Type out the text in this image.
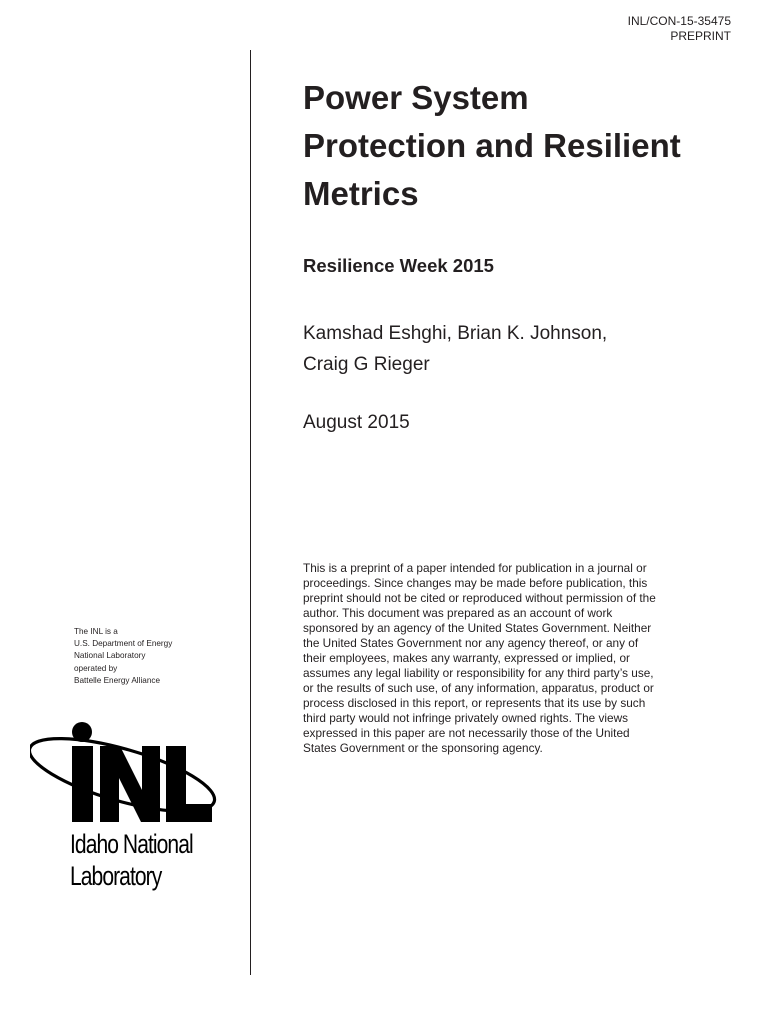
INL/CON-15-35475
PREPRINT
Power System
Protection and Resilient
Metrics
Resilience Week 2015
Kamshad Eshghi, Brian K. Johnson,
Craig G Rieger
August 2015
This is a preprint of a paper intended for publication in a journal or
proceedings. Since changes may be made before publication, this
preprint should not be cited or reproduced without permission of the
author. This document was prepared as an account of work
sponsored by an agency of the United States Government. Neither
the United States Government nor any agency thereof, or any of
their employees, makes any warranty, expressed or implied, or
assumes any legal liability or responsibility for any third party’s use,
or the results of such use, of any information, apparatus, product or
process disclosed in this report, or represents that its use by such
third party would not infringe privately owned rights. The views
expressed in this paper are not necessarily those of the United
States Government or the sponsoring agency.
The INL is a
U.S. Department of Energy
National Laboratory
operated by
Battelle Energy Alliance
Idaho National
Laboratory
